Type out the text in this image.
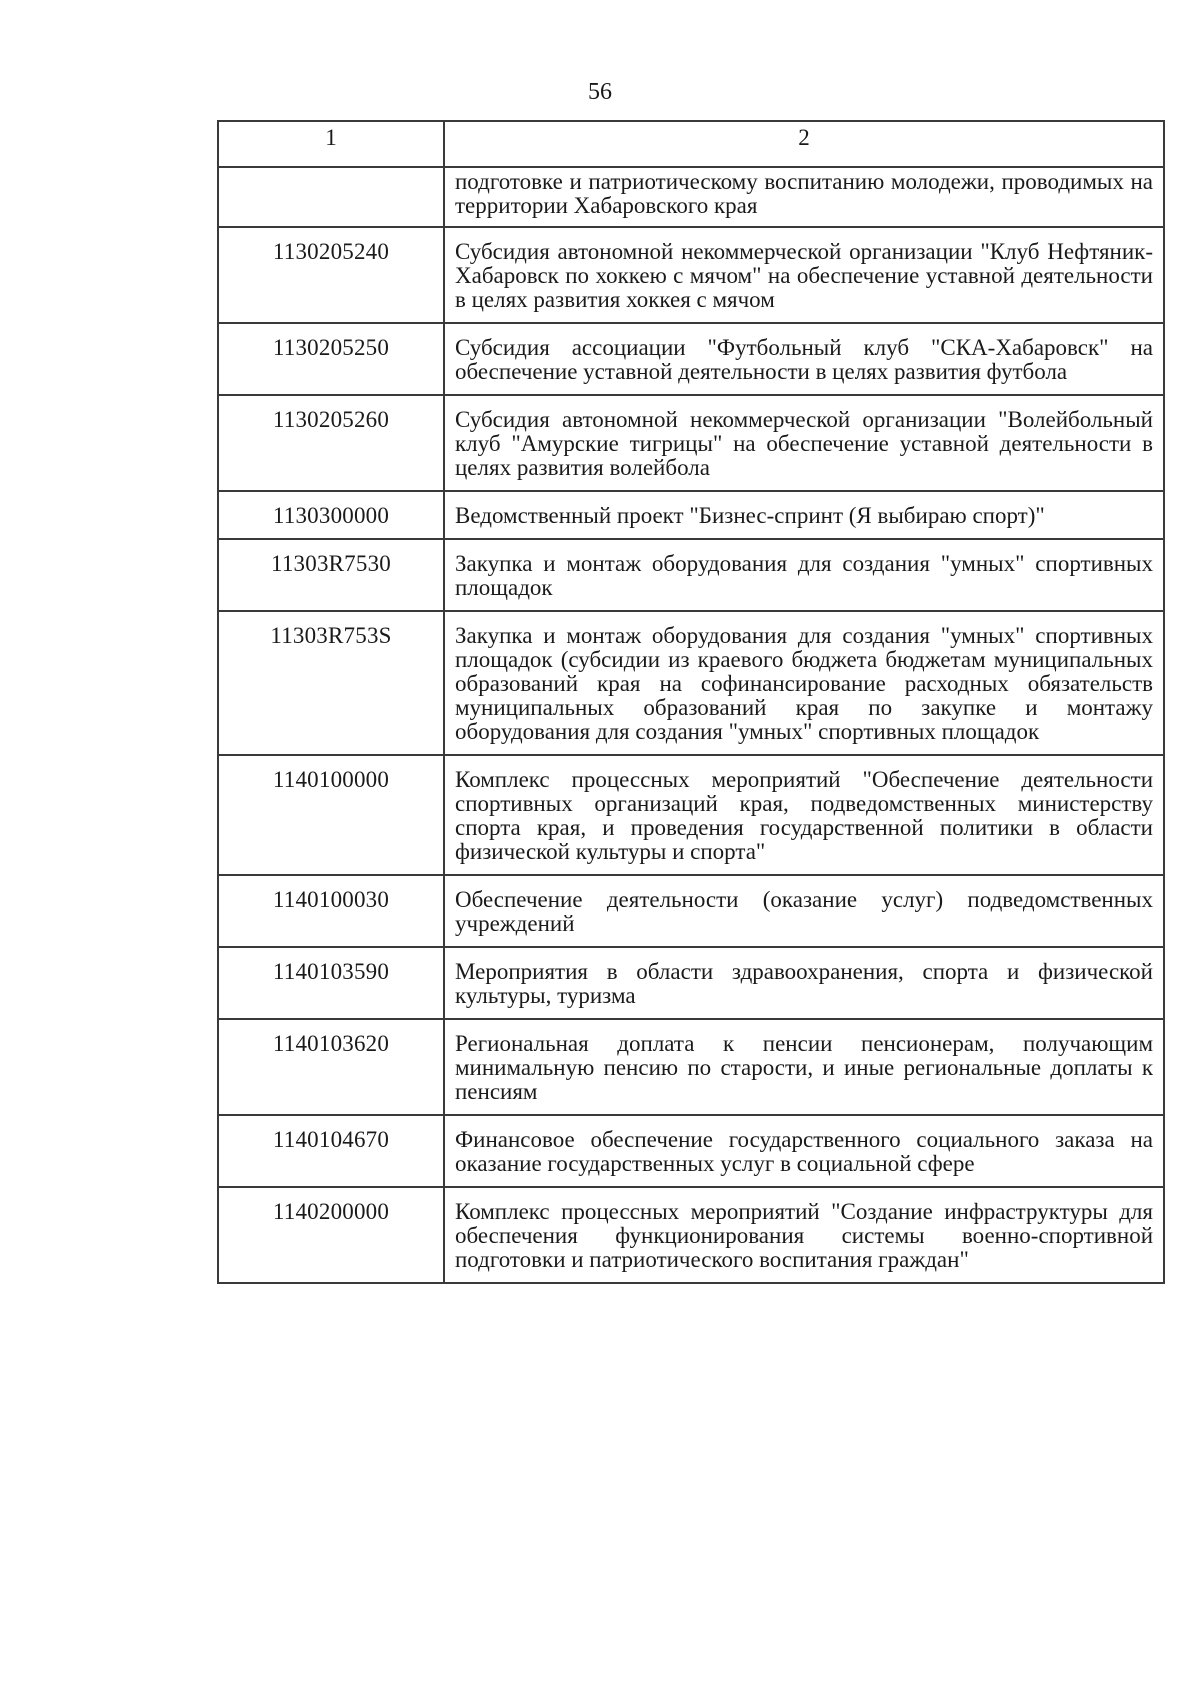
56
1	2
	подготовке и патриотическому воспитанию молодежи, проводимых на территории Хабаровского края
1130205240	Субсидия автономной некоммерческой организации "Клуб Нефтяник-Хабаровск по хоккею с мячом" на обеспечение уставной деятельности в целях развития хоккея с мячом
1130205250	Субсидия ассоциации "Футбольный клуб "СКА-Хабаровск" на обеспечение уставной деятельности в целях развития футбола
1130205260	Субсидия автономной некоммерческой организации "Волейбольный клуб "Амурские тигрицы" на обеспечение уставной деятельности в целях развития волейбола
1130300000	Ведомственный проект "Бизнес-спринт (Я выбираю спорт)"
11303R7530	Закупка и монтаж оборудования для создания "умных" спортивных площадок
11303R753S	Закупка и монтаж оборудования для создания "умных" спортивных площадок (субсидии из краевого бюджета бюджетам муниципальных образований края на софинансирование расходных обязательств муниципальных образований края по закупке и монтажу оборудования для создания "умных" спортивных площадок
1140100000	Комплекс процессных мероприятий "Обеспечение деятельности спортивных организаций края, подведомственных министерству спорта края, и проведения государственной политики в области физической культуры и спорта"
1140100030	Обеспечение деятельности (оказание услуг) подведомственных учреждений
1140103590	Мероприятия в области здравоохранения, спорта и физической культуры, туризма
1140103620	Региональная доплата к пенсии пенсионерам, получающим минимальную пенсию по старости, и иные региональные доплаты к пенсиям
1140104670	Финансовое обеспечение государственного социального заказа на оказание государственных услуг в социальной сфере
1140200000	Комплекс процессных мероприятий "Создание инфраструктуры для обеспечения функционирования системы военно-спортивной подготовки и патриотического воспитания граждан"
